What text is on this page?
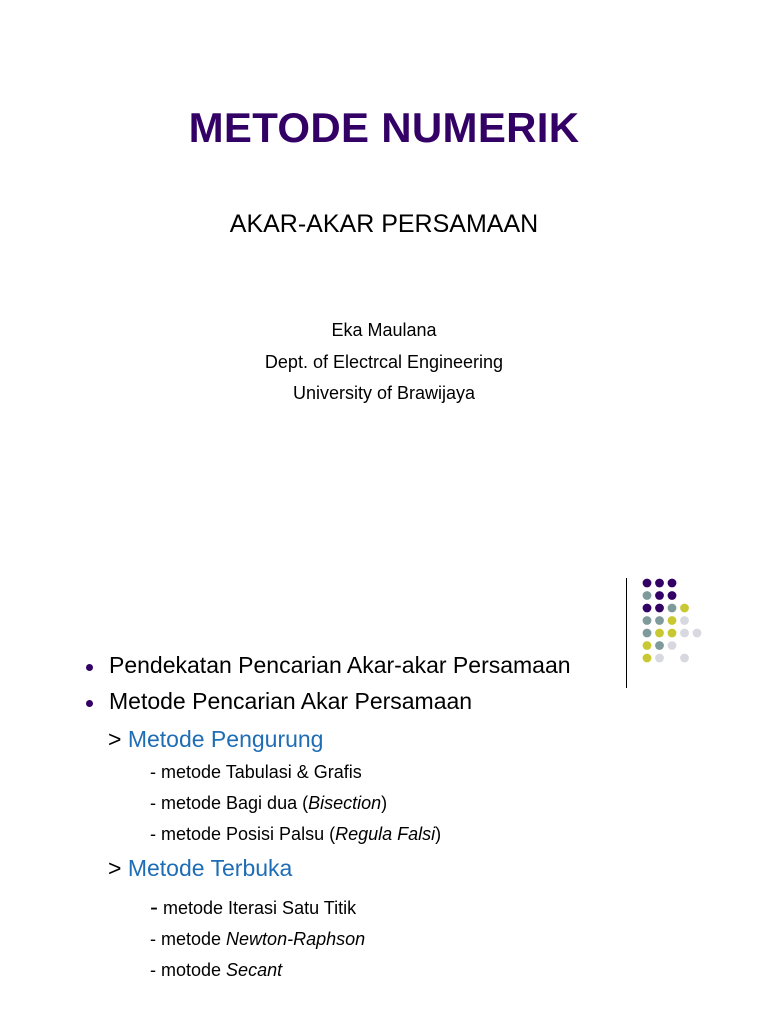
METODE NUMERIK
AKAR-AKAR PERSAMAAN
Eka Maulana
Dept. of Electrcal Engineering
University of Brawijaya
Pendekatan Pencarian Akar-akar Persamaan
Metode Pencarian Akar Persamaan
> Metode Pengurung
- metode Tabulasi & Grafis
- metode Bagi dua (Bisection)
- metode Posisi Palsu (Regula Falsi)
> Metode Terbuka
- metode Iterasi Satu Titik
- metode Newton-Raphson
- motode Secant
